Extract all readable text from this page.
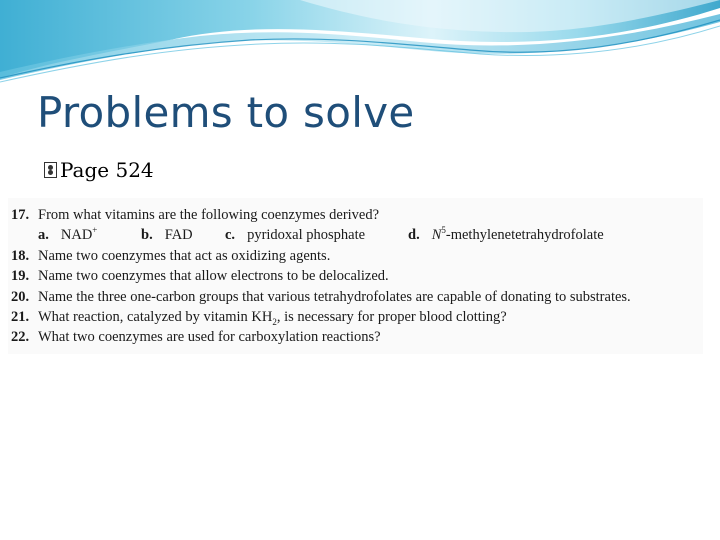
Problems to solve
Page 524
17. From what vitamins are the following coenzymes derived?
a. NAD+	b. FAD c. pyridoxal phosphate	d. $N^5$-methylenetetrahydrofolate
18. Name two coenzymes that act as oxidizing agents.
19. Name two coenzymes that allow electrons to be delocalized.
20. Name the three one-carbon groups that various tetrahydrofolates are capable of donating to substrates.
21. What reaction, catalyzed by vitamin $KH_2$, is necessary for proper blood clotting?
22. What two coenzymes are used for carboxylation reactions?
